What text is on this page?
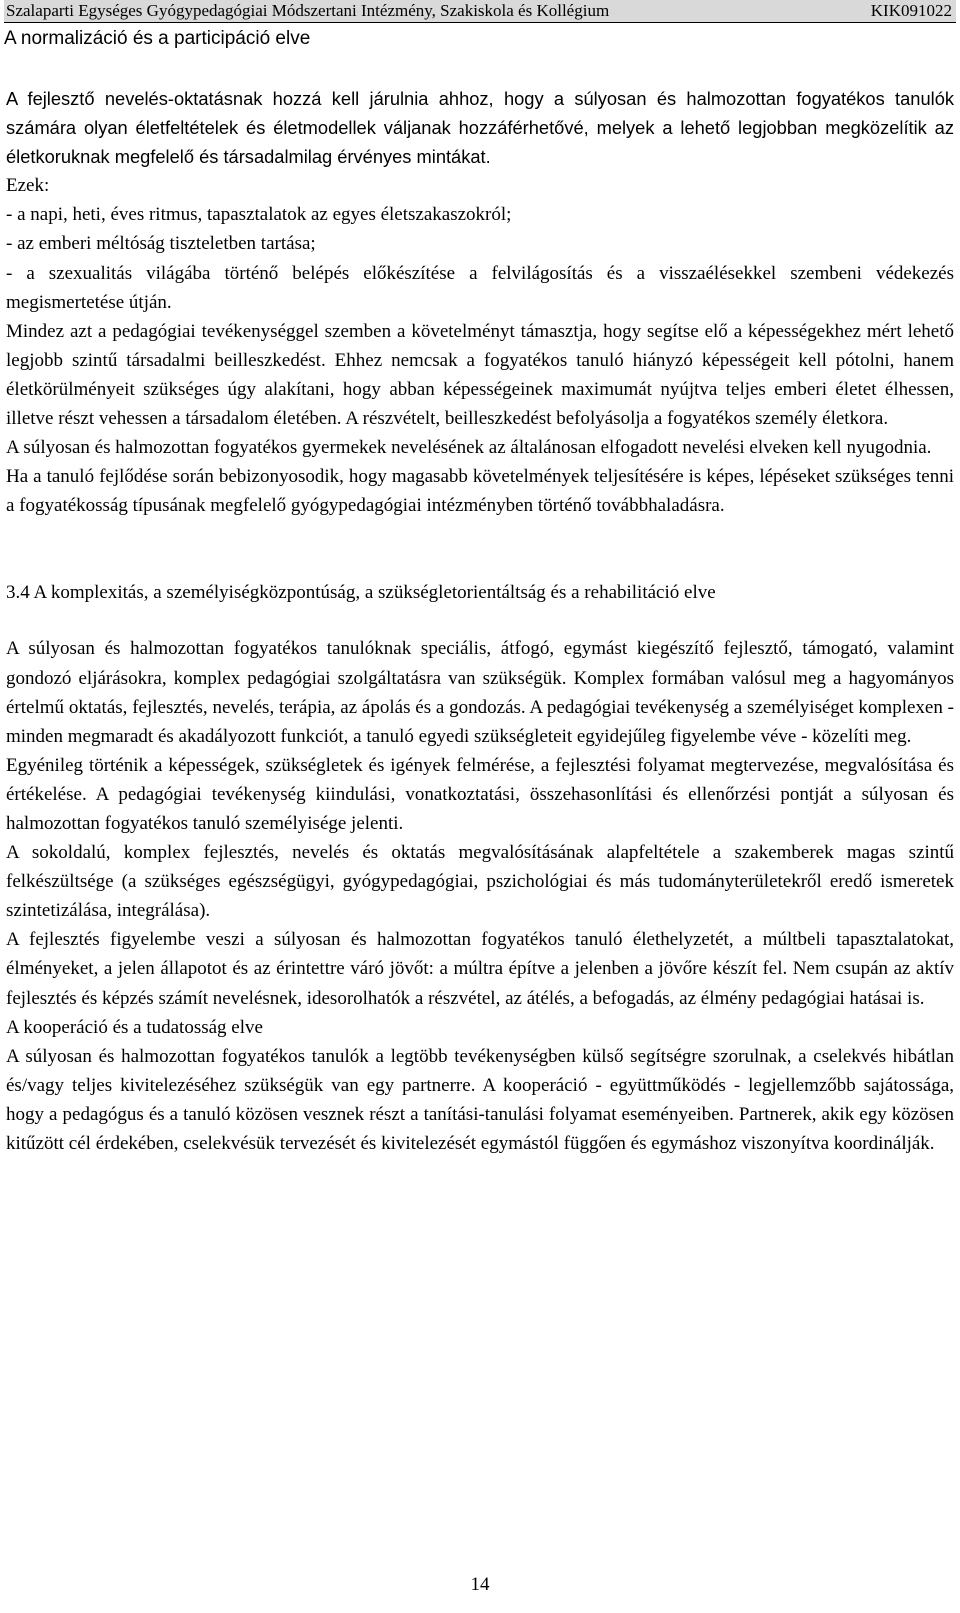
Szalaparti Egységes Gyógypedagógiai Módszertani Intézmény, Szakiskola és Kollégium	KIK091022
A normalizáció és a participáció elve

A fejlesztő nevelés-oktatásnak hozzá kell járulnia ahhoz, hogy a súlyosan és halmozottan fogyatékos tanulók számára olyan életfeltételek és életmodellek váljanak hozzáférhetővé, melyek a lehető legjobban megközelítik az életkoruknak megfelelő és társadalmilag érvényes mintákat.

Ezek:

- a napi, heti, éves ritmus, tapasztalatok az egyes életszakaszokról;

- az emberi méltóság tiszteletben tartása;

- a szexualitás világába történő belépés előkészítése a felvilágosítás és a visszaélésekkel szembeni védekezés megismertetése útján.

Mindez azt a pedagógiai tevékenységgel szemben a követelményt támasztja, hogy segítse elő a képességekhez mért lehető legjobb szintű társadalmi beilleszkedést. Ehhez nemcsak a fogyatékos tanuló hiányzó képességeit kell pótolni, hanem életkörülményeit szükséges úgy alakítani, hogy abban képességeinek maximumát nyújtva teljes emberi életet élhessen, illetve részt vehessen a társadalom életében. A részvételt, beilleszkedést befolyásolja a fogyatékos személy életkora.

A súlyosan és halmozottan fogyatékos gyermekek nevelésének az általánosan elfogadott nevelési elveken kell nyugodnia.

Ha a tanuló fejlődése során bebizonyosodik, hogy magasabb követelmények teljesítésére is képes, lépéseket szükséges tenni a fogyatékosság típusának megfelelő gyógypedagógiai intézményben történő továbbhaladásra.

3.4 A komplexitás, a személyiségközpontúság, a szükségletorientáltság és a rehabilitáció elve

A súlyosan és halmozottan fogyatékos tanulóknak speciális, átfogó, egymást kiegészítő fejlesztő, támogató, valamint gondozó eljárásokra, komplex pedagógiai szolgáltatásra van szükségük. Komplex formában valósul meg a hagyományos értelmű oktatás, fejlesztés, nevelés, terápia, az ápolás és a gondozás. A pedagógiai tevékenység a személyiséget komplexen - minden megmaradt és akadályozott funkciót, a tanuló egyedi szükségleteit egyidejűleg figyelembe véve - közelíti meg.

Egyénileg történik a képességek, szükségletek és igények felmérése, a fejlesztési folyamat megtervezése, megvalósítása és értékelése. A pedagógiai tevékenység kiindulási, vonatkoztatási, összehasonlítási és ellenőrzési pontját a súlyosan és halmozottan fogyatékos tanuló személyisége jelenti.

A sokoldalú, komplex fejlesztés, nevelés és oktatás megvalósításának alapfeltétele a szakemberek magas szintű felkészültsége (a szükséges egészségügyi, gyógypedagógiai, pszichológiai és más tudományterületekről eredő ismeretek szintetizálása, integrálása).

A fejlesztés figyelembe veszi a súlyosan és halmozottan fogyatékos tanuló élethelyzetét, a múltbeli tapasztalatokat, élményeket, a jelen állapotot és az érintettre váró jövőt: a múltra építve a jelenben a jövőre készít fel. Nem csupán az aktív fejlesztés és képzés számít nevelésnek, idesorolhatók a részvétel, az átélés, a befogadás, az élmény pedagógiai hatásai is.

A kooperáció és a tudatosság elve

A súlyosan és halmozottan fogyatékos tanulók a legtöbb tevékenységben külső segítségre szorulnak, a cselekvés hibátlan és/vagy teljes kivitelezéséhez szükségük van egy partnerre. A kooperáció - együttműködés - legjellemzőbb sajátossága, hogy a pedagógus és a tanuló közösen vesznek részt a tanítási-tanulási folyamat eseményeiben. Partnerek, akik egy közösen kitűzött cél érdekében, cselekvésük tervezését és kivitelezését egymástól függően és egymáshoz viszonyítva koordinálják.

14
